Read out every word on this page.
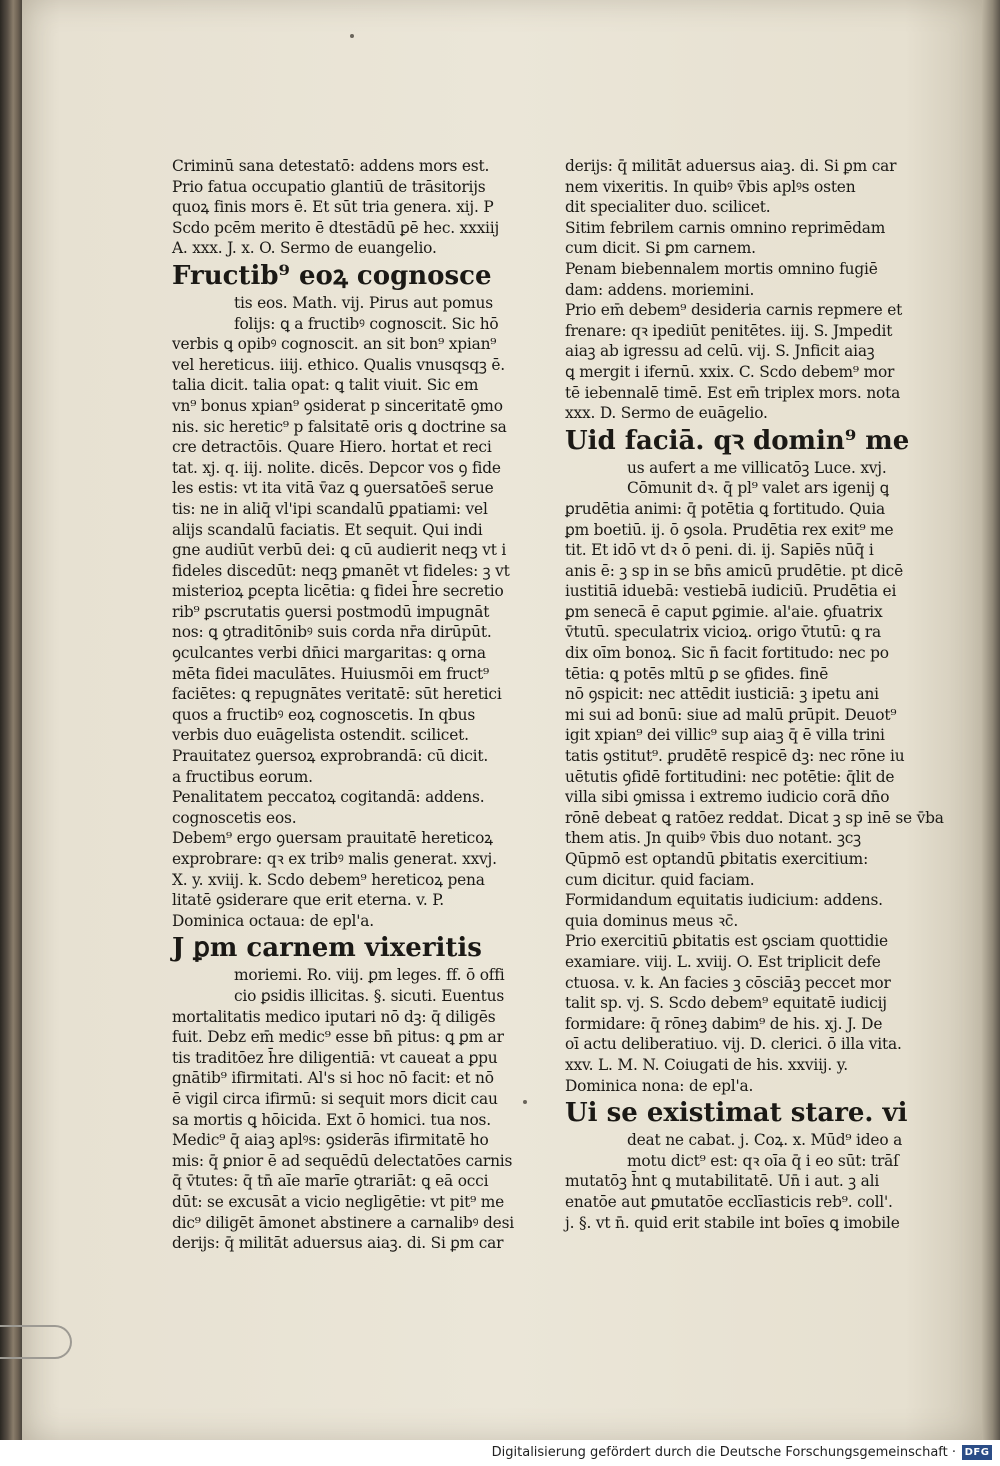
Criminū sana detestatō: addens mors est.
Prio fatua occupatio glantiū de trāsitorijs
quoꝝ finis mors ē. Et sūt tria genera. xij. P
Scdo pcēm merito ē dtestādū ꝑē hec. xxxiij
A. xxx. J. x. O. Sermo de euangelio.
Fructib⁹ eoꝝ cognosce
tis eos. Math. vij. Pirus aut pomus
folijs: ꝗ a fructibꝰ cognoscit. Sic hō
verbis ꝗ opibꝰ cognoscit. an sit bon⁹ xpian⁹
vel hereticus. iiij. ethico. Qualis vnusqsqꝫ ē.
talia dicit. talia opat: ꝗ talit viuit. Sic em
vn⁹ bonus xpian⁹ ꝯsiderat p sinceritatē ꝯmo
nis. sic heretic⁹ p falsitatē oris ꝗ doctrine sa
cre detractōis. Quare Hiero. hortat et reci
tat. xj. q. iij. nolite. dicēs. Depcor vos ꝯ fide
les estis: vt ita vitā v̄az ꝗ ꝯuersatōes̄ serue
tis: ne in aliq̄ vl'ipi scandalū ꝑpatiami: vel
alijs scandalū faciatis. Et sequit. Qui indi
gne audiūt verbū dei: ꝗ cū audierit neqꝫ vt i
fideles discedūt: neqꝫ ꝑmanēt vt fideles: ꝫ vt
misterioꝝ ꝑcepta licētia: ꝗ fidei h̄re secretio
rib⁹ ꝑscrutatis ꝯuersi postmodū impugnāt
nos: ꝗ ꝯtraditōnibꝰ suis corda nr̄a dirūpūt.
ꝯculcantes verbi dn̄ici margaritas: ꝗ orna
mēta fidei maculātes. Huiusmōi em fruct⁹
faciētes: ꝗ repugnātes veritatē: sūt heretici
quos a fructibꝰ eoꝝ cognoscetis. In qbus
verbis duo euāgelista ostendit. scilicet.
Prauitatez ꝯuersoꝝ exprobrandā: cū dicit.
a fructibus eorum.
Penalitatem peccatoꝝ cogitandā: addens.
cognoscetis eos.
Debem⁹ ergo ꝯuersam prauitatē hereticoꝝ
exprobrare: qꝛ ex tribꝰ malis generat. xxvj.
X. y. xviij. k. Scdo debem⁹ hereticoꝝ pena
litatē ꝯsiderare que erit eterna. v. P.
Dominica octaua: de epl'a.
J ꝑm carnem vixeritis
moriemi. Ro. viij. ꝑm leges. ff. ō offi
cio ꝑsidis illicitas. §. sicuti. Euentus
mortalitatis medico iputari nō dꝫ: q̄ diligēs
fuit. Debz em̄ medic⁹ esse bn̄ pitus: ꝗ ꝑm ar
tis traditōez h̄re diligentiā: vt caueat a ꝑpu
gnātib⁹ ifirmitati. Al's si hoc nō facit: et nō
ē vigil circa ifirmū: si sequit mors dicit cau
sa mortis ꝗ hōicida. Ext ō homici. tua nos.
Medic⁹ q̄ aiaꝫ aplꝰs: ꝯsiderās ifirmitatē ho
mis: q̄ ꝑnior ē ad sequēdū delectatōes carnis
q̄ v̄tutes: q̄ tn̄ aīe marīe ꝯtrariāt: ꝗ eā occi
dūt: se excusāt a vicio negligētie: vt pit⁹ me
dic⁹ diligēt āmonet abstinere a carnalibꝰ desi
derijs: q̄ militāt aduersus aiaꝫ. di. Si ꝑm car
derijs: q̄ militāt aduersus aiaꝫ. di. Si ꝑm car
nem vixeritis. In quibꝰ v̄bis aplꝰs osten
dit specialiter duo. scilicet.
Sitim febrilem carnis omnino reprimēdam
cum dicit. Si ꝑm carnem.
Penam biebennalem mortis omnino fugiē
dam: addens. moriemini.
Prio em̄ debem⁹ desideria carnis repmere et
frenare: qꝛ ipediūt penitētes. iij. S. Jmpedit
aiaꝫ ab igressu ad celū. vij. S. Jnficit aiaꝫ
ꝗ mergit i ifernū. xxix. C. Scdo debem⁹ mor
tē iebennalē timē. Est em̄ triplex mors. nota
xxx. D. Sermo de euāgelio.
Uid faciā. qꝛ domin⁹ me
us aufert a me villicatōꝫ Luce. xvj.
Cōmunit dꝛ. q̄ pl⁹ valet ars igenij ꝗ
ꝑrudētia animi: q̄ potētia ꝗ fortitudo. Quia
ꝑm boetiū. ij. ō ꝯsola. Prudētia rex exit⁹ me
tit. Et idō vt dꝛ ō peni. di. ij. Sapiēs nūq̄ i
anis ē: ꝫ sp in se bn̄s amicū prudētie. pt dicē
iustitiā iduebā: vestiebā iudiciū. Prudētia ei
ꝑm senecā ē caput ꝑgimie. al'aie. ꝯfuatrix
v̄tutū. speculatrix vicioꝝ. origo v̄tutū: ꝗ ra
dix oīm bonoꝝ. Sic n̄ facit fortitudo: nec po
tētia: ꝗ potēs mltū ꝑ se ꝯfides. finē
nō ꝯspicit: nec attēdit iusticiā: ꝫ ipetu ani
mi sui ad bonū: siue ad malū ꝑrūpit. Deuot⁹
igit xpian⁹ dei villic⁹ sup aiaꝫ q̄ ē villa trini
tatis ꝯstitut⁹. ꝑrudētē respicē dꝫ: nec rōne iu
uētutis ꝯfidē fortitudini: nec potētie: q̄lit de
villa sibi ꝯmissa i extremo iudicio corā dn̄o
rōnē debeat ꝗ ratōez reddat. Dicat ꝫ sp inē se v̄ba
them atis. Jn quibꝰ v̄bis duo notant. ꝫcꝫ
Qūpmō est optandū ꝑbitatis exercitium:
cum dicitur. quid faciam.
Formidandum equitatis iudicium: addens.
quia dominus meus ꝛc̄.
Prio exercitiū ꝑbitatis est ꝯsciam quottidie
examiare. viij. L. xviij. O. Est triplicit defe
ctuosa. v. k. An facies ꝫ cōsciāꝫ peccet mor
talit sp. vj. S. Scdo debem⁹ equitatē iudicij
formidare: q̄ rōneꝫ dabim⁹ de his. xj. J. De
oī actu deliberatiuo. vij. D. clerici. ō illa vita.
xxv. L. M. N. Coiugati de his. xxviij. y.
Dominica nona: de epl'a.
Ui se existimat stare. vi
deat ne cabat. j. Coꝝ. x. Mūd⁹ ideo a
motu dict⁹ est: qꝛ oīa q̄ i eo sūt: trāſ
mutatōꝫ h̄nt ꝗ mutabilitatē. Un̄ i aut. ꝫ ali
enatōe aut ꝑmutatōe ecclīasticis reb⁹. coll'.
j. §. vt n̄. quid erit stabile int boīes ꝗ imobile
Digitalisierung gefördert durch die Deutsche Forschungsgemeinschaft · DFG
